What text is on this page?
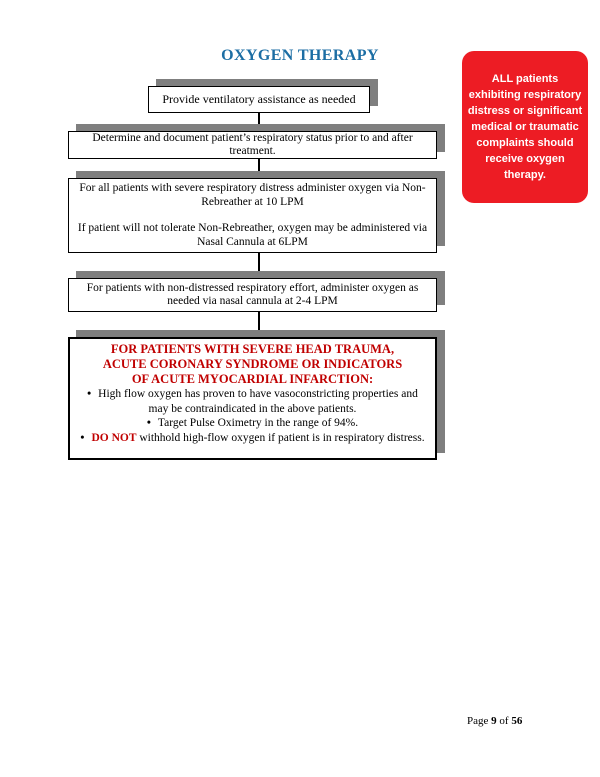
OXYGEN THERAPY
ALL patients exhibiting respiratory distress or significant medical or traumatic complaints should receive oxygen therapy.
Provide ventilatory assistance as needed
Determine and document patient’s respiratory status prior to and after treatment.
For all patients with severe respiratory distress administer oxygen via Non-Rebreather at 10 LPM
If patient will not tolerate Non-Rebreather, oxygen may be administered via Nasal Cannula at 6LPM
For patients with non-distressed respiratory effort, administer oxygen as needed via nasal cannula at 2-4 LPM
FOR PATIENTS WITH SEVERE HEAD TRAUMA, ACUTE CORONARY SYNDROME OR INDICATORS OF ACUTE MYOCARDIAL INFARCTION:
• High flow oxygen has proven to have vasoconstricting properties and may be contraindicated in the above patients.
• Target Pulse Oximetry in the range of 94%.
• DO NOT withhold high-flow oxygen if patient is in respiratory distress.
Page 9 of 56
